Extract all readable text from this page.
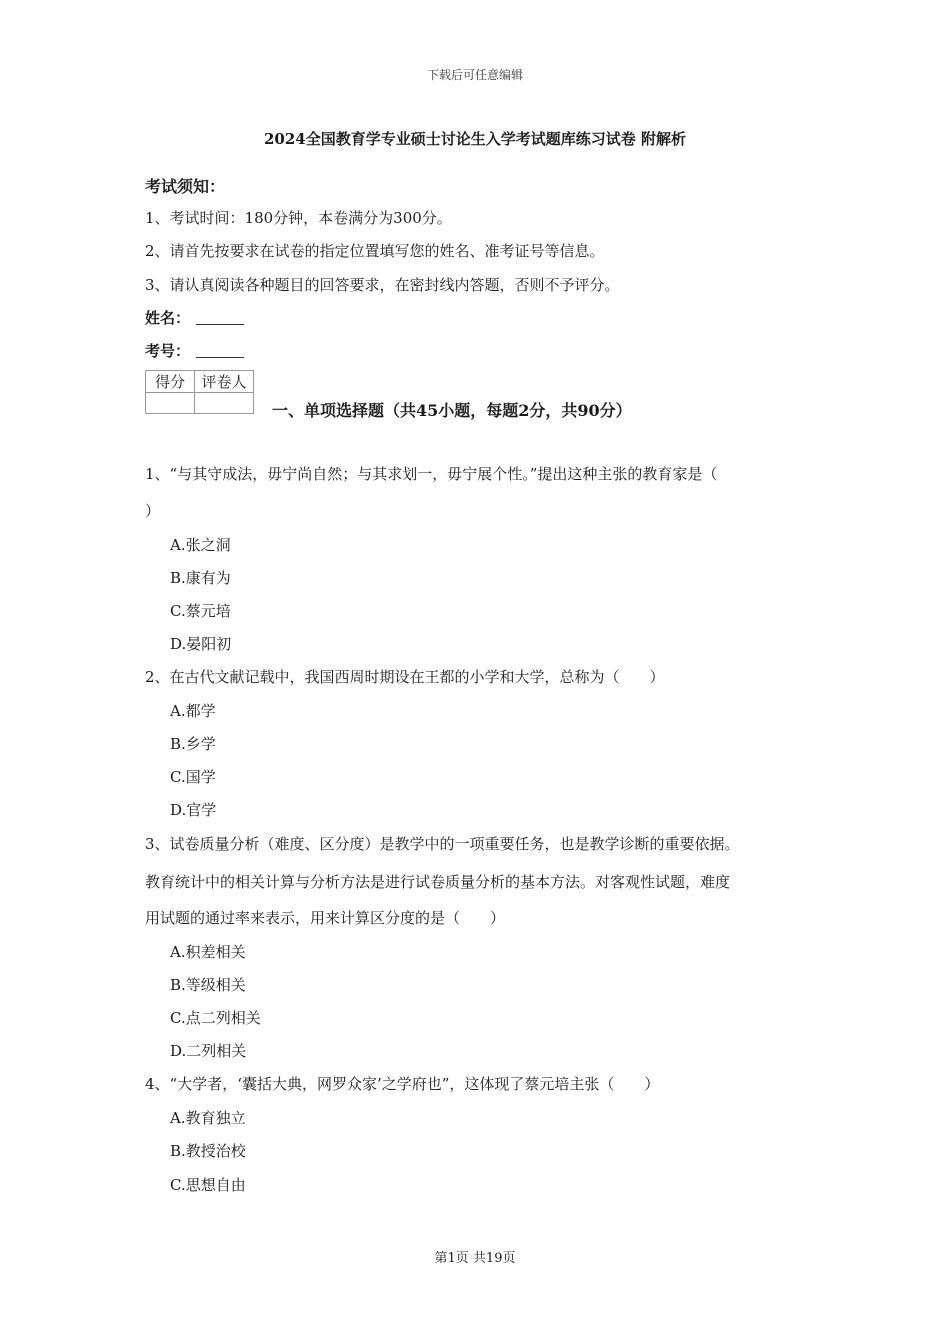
下载后可任意编辑
2024全国教育学专业硕士讨论生入学考试题库练习试卷 附解析
考试须知：
1、考试时间：180分钟，本卷满分为300分。
2、请首先按要求在试卷的指定位置填写您的姓名、准考证号等信息。
3、请认真阅读各种题目的回答要求，在密封线内答题，否则不予评分。
姓名：
考号：
得分	评卷人

一、单项选择题（共45小题，每题2分，共90分）
1、“与其守成法，毋宁尚自然；与其求划一，毋宁展个性。”提出这种主张的教育家是（
）
A.张之洞
B.康有为
C.蔡元培
D.晏阳初
2、在古代文献记载中，我国西周时期设在王都的小学和大学，总称为（　　）
A.都学
B.乡学
C.国学
D.官学
3、试卷质量分析（难度、区分度）是教学中的一项重要任务，也是教学诊断的重要依据。
教育统计中的相关计算与分析方法是进行试卷质量分析的基本方法。对客观性试题，难度
用试题的通过率来表示，用来计算区分度的是（　　）
A.积差相关
B.等级相关
C.点二列相关
D.二列相关
4、“大学者，‘囊括大典，网罗众家’之学府也”，这体现了蔡元培主张（　　）
A.教育独立
B.教授治校
C.思想自由
第1页 共19页
